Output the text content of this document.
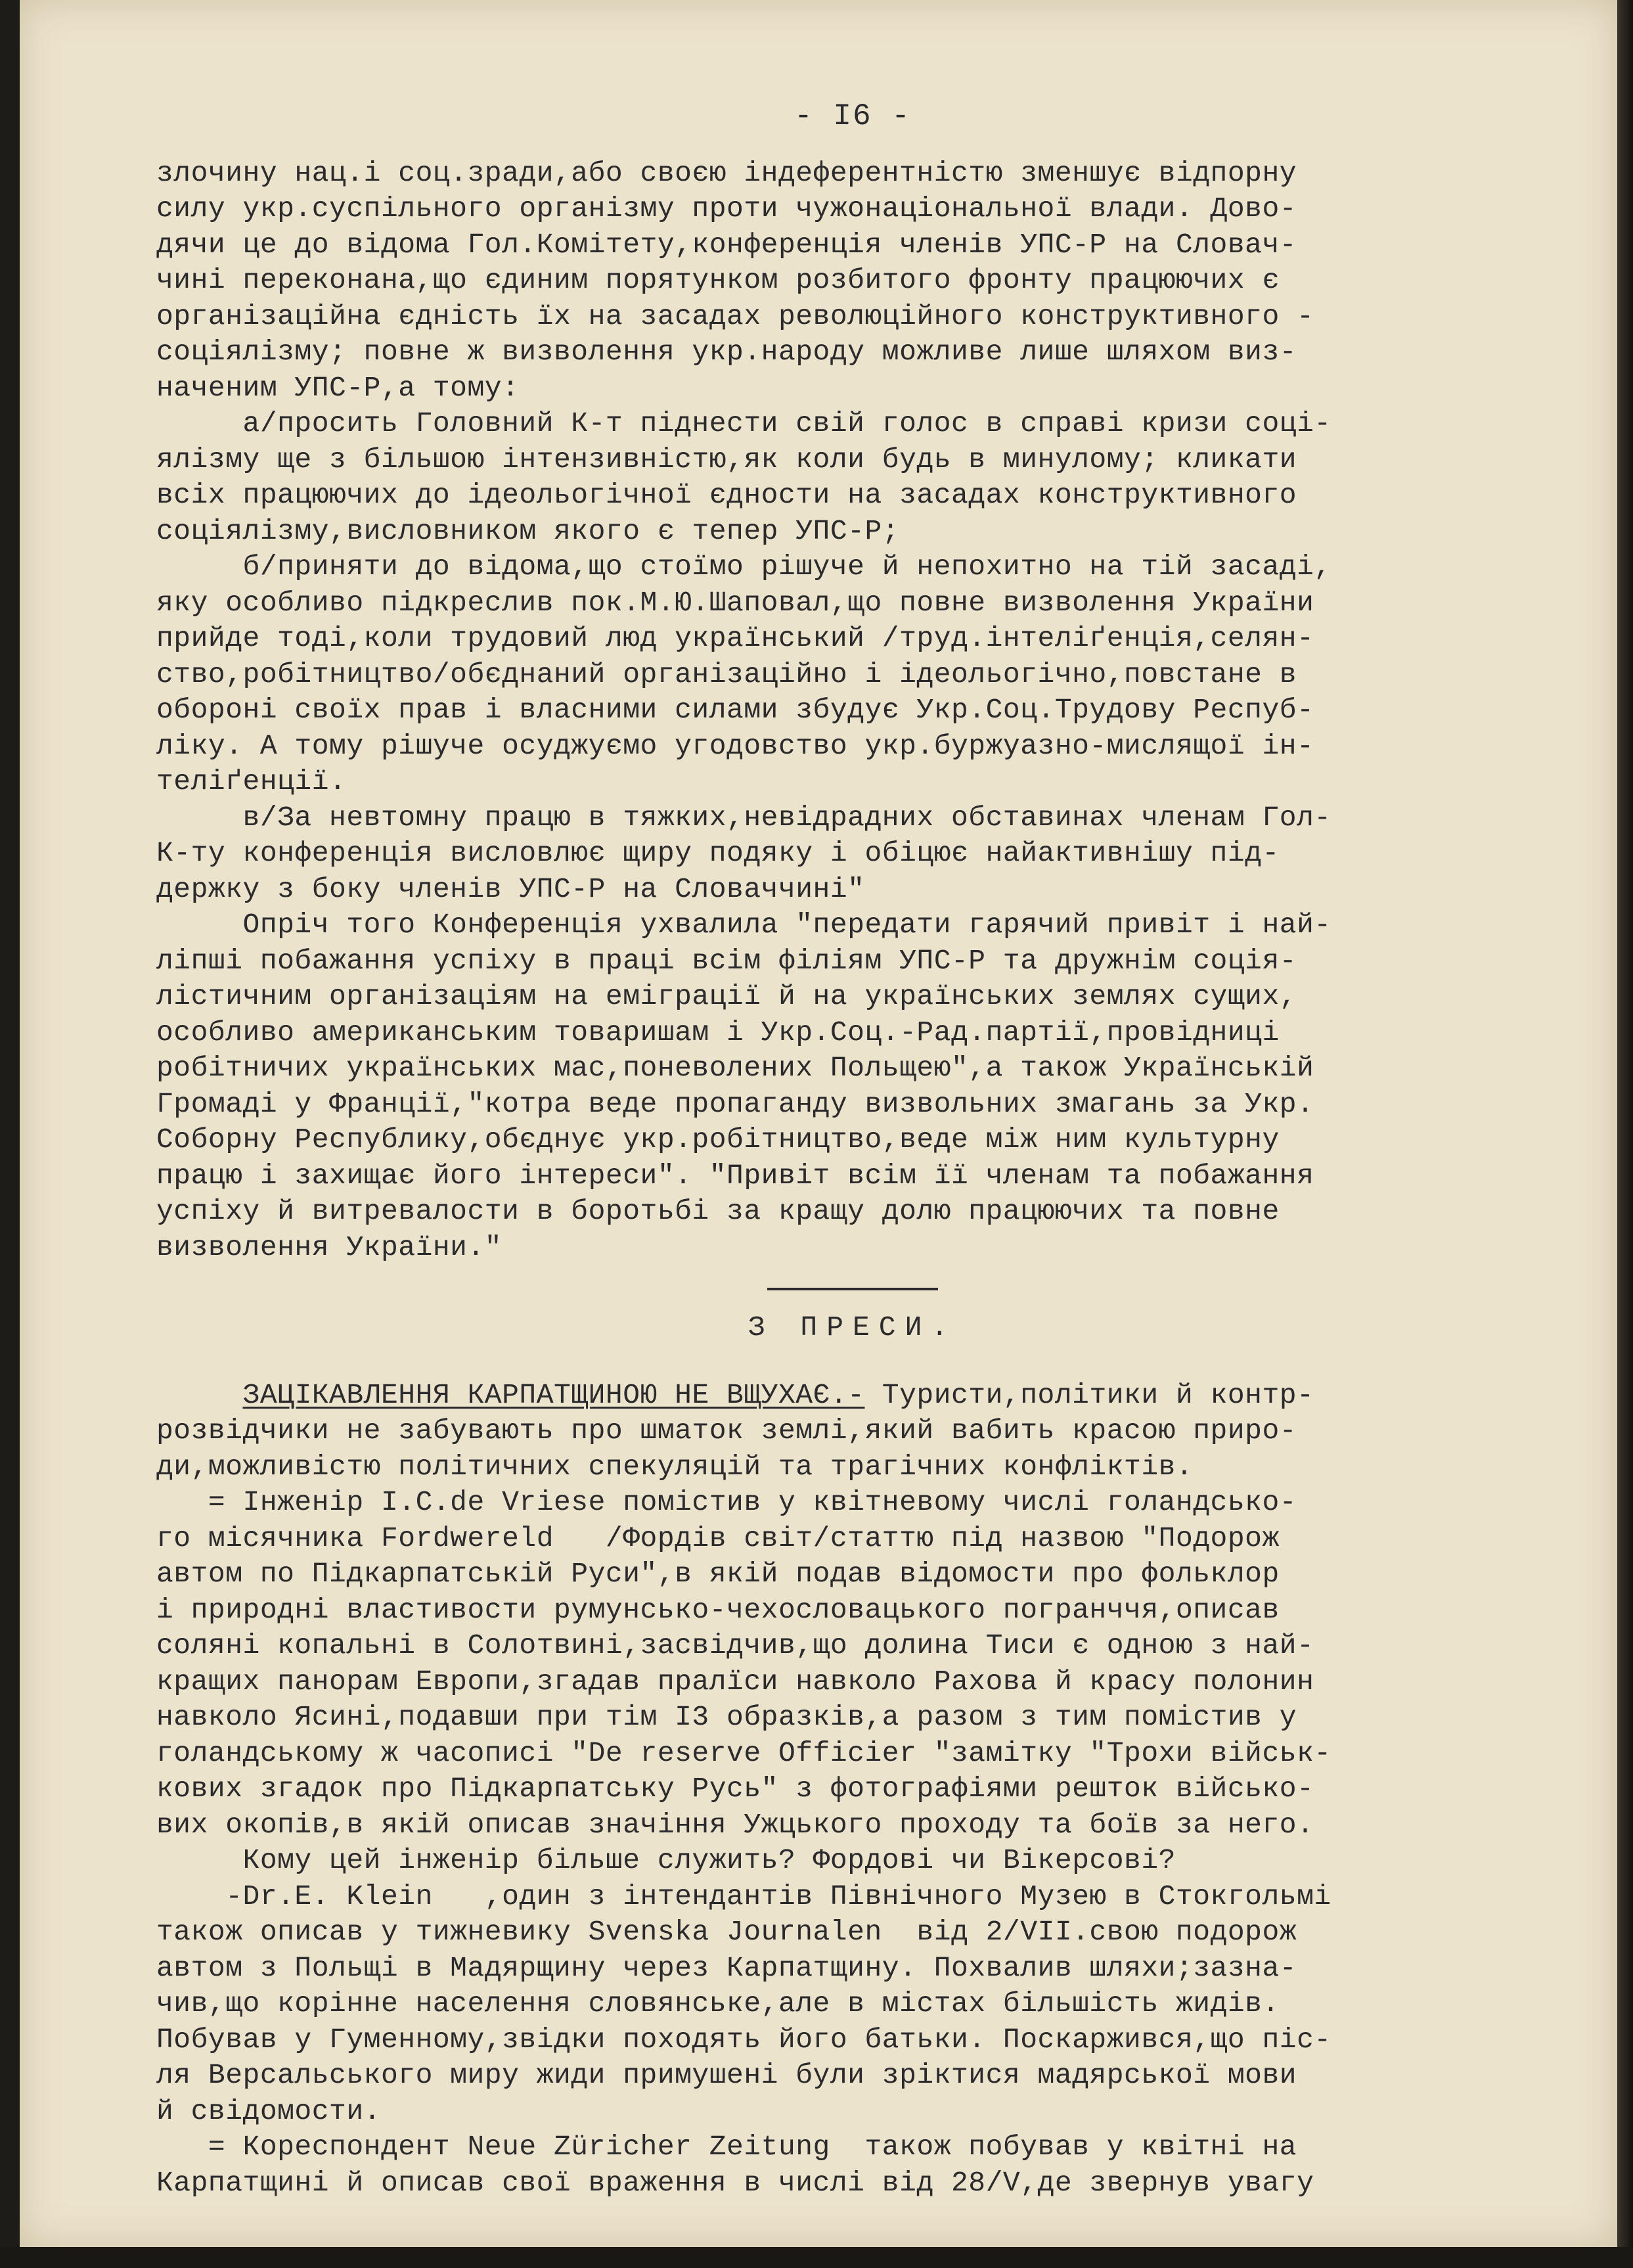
- I6 -
злочину нац.і соц.зради,або своєю індеферентністю зменшує відпорну
силу укр.суспільного організму проти чужонаціональної влади. Дово-
дячи це до відома Гол.Комітету,конференція членів УПС-Р на Словач-
чині переконана,що єдиним порятунком розбитого фронту працюючих є
організаційна єдність їх на засадах революційного конструктивного -
соціялізму; повне ж визволення укр.народу можливе лише шляхом виз-
наченим УПС-Р,а тому:
а/просить Головний К-т піднести свій голос в справі кризи соці-
ялізму ще з більшою інтензивністю,як коли будь в минулому; кликати
всіх працюючих до ідеольогічної єдности на засадах конструктивного
соціялізму,висловником якого є тепер УПС-Р;
б/приняти до відома,що стоїмо рішуче й непохитно на тій засаді,
яку особливо підкреслив пок.М.Ю.Шаповал,що повне визволення України
прийде тоді,коли трудовий люд український /труд.інтеліґенція,селян-
ство,робітництво/обєднаний організаційно і ідеольогічно,повстане в
обороні своїх прав і власними силами збудує Укр.Соц.Трудову Респуб-
ліку. А тому рішуче осуджуємо угодовство укр.буржуазно-мислящої ін-
теліґенції.
в/За невтомну працю в тяжких,невідрадних обставинах членам Гол-
К-ту конференція висловлює щиру подяку і обіцює найактивнішу під-
держку з боку членів УПС-Р на Словаччині"
Опріч того Конференція ухвалила "передати гарячий привіт і най-
ліпші побажання успіху в праці всім філіям УПС-Р та дружнім соція-
лістичним організаціям на еміграції й на українських землях сущих,
особливо американським товаришам і Укр.Соц.-Рад.партії,провідниці
робітничих українських мас,поневолених Польщею",а також Українській
Громаді у Франції,"котра веде пропаганду визвольних змагань за Укр.
Соборну Республику,обєднує укр.робітництво,веде між ним культурну
працю і захищає його інтереси". "Привіт всім її членам та побажання
успіху й витревалости в боротьбі за кращу долю працюючих та повне
визволення України."
З ПРЕСИ.
ЗАЦІКАВЛЕННЯ КАРПАТЩИНОЮ НЕ ВЩУХАЄ.- Туристи,політики й контр-
розвідчики не забувають про шматок землі,який вабить красою приро-
ди,можливістю політичних спекуляцій та трагічних конфліктів.
= Інженір І.С.de Vriese помістив у квітневому числі голандсько-
го місячника Fordwereld   /Фордів світ/статтю під назвою "Подорож
автом по Підкарпатській Руси",в якій подав відомости про фольклор
і природні властивости румунсько-чехословацького погранччя,описав
соляні копальні в Солотвині,засвідчив,що долина Тиси є одною з най-
кращих панорам Европи,згадав пралїси навколо Рахова й красу полонин
навколо Ясині,подавши при тім I3 образків,а разом з тим помістив у
голандському ж часописі "De reserve Officier "замітку "Трохи військ-
кових згадок про Підкарпатську Русь" з фотографіями решток військо-
вих окопів,в якій описав значіння Ужцького проходу та боїв за него.
Кому цей інженір більше служить? Фордові чи Вікерсові?
-Dr.E. Klein   ,один з інтендантів Північного Музею в Стокгольмі
також описав у тижневику Svenska Journalen  від 2/VII.свою подорож
автом з Польщі в Мадярщину через Карпатщину. Похвалив шляхи;зазна-
чив,що корінне населення словянське,але в містах більшість жидів.
Побував у Гуменному,звідки походять його батьки. Поскаржився,що піс-
ля Версальського миру жиди примушені були зріктися мадярської мови
й свідомости.
= Кореспондент Neue Züricher Zeitung  також побував у квітні на
Карпатщині й описав свої враження в числі від 28/V,де звернув увагу
